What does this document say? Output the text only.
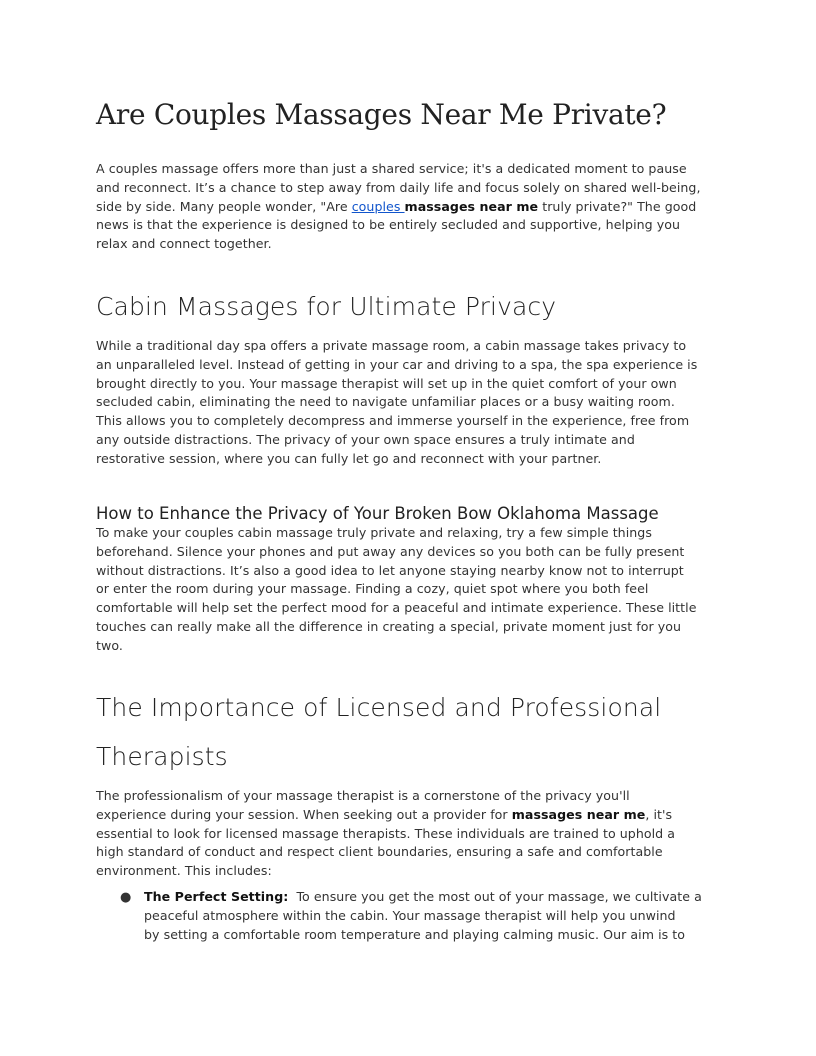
Are Couples Massages Near Me Private?
A couples massage offers more than just a shared service; it's a dedicated moment to pause
and reconnect. It’s a chance to step away from daily life and focus solely on shared well-being,
side by side. Many people wonder, "Are couples massages near me truly private?" The good
news is that the experience is designed to be entirely secluded and supportive, helping you
relax and connect together.
Cabin Massages for Ultimate Privacy
While a traditional day spa offers a private massage room, a cabin massage takes privacy to
an unparalleled level. Instead of getting in your car and driving to a spa, the spa experience is
brought directly to you. Your massage therapist will set up in the quiet comfort of your own
secluded cabin, eliminating the need to navigate unfamiliar places or a busy waiting room.
This allows you to completely decompress and immerse yourself in the experience, free from
any outside distractions. The privacy of your own space ensures a truly intimate and
restorative session, where you can fully let go and reconnect with your partner.
How to Enhance the Privacy of Your Broken Bow Oklahoma Massage
To make your couples cabin massage truly private and relaxing, try a few simple things
beforehand. Silence your phones and put away any devices so you both can be fully present
without distractions. It’s also a good idea to let anyone staying nearby know not to interrupt
or enter the room during your massage. Finding a cozy, quiet spot where you both feel
comfortable will help set the perfect mood for a peaceful and intimate experience. These little
touches can really make all the difference in creating a special, private moment just for you
two.
The Importance of Licensed and Professional
Therapists
The professionalism of your massage therapist is a cornerstone of the privacy you'll
experience during your session. When seeking out a provider for massages near me, it's
essential to look for licensed massage therapists. These individuals are trained to uphold a
high standard of conduct and respect client boundaries, ensuring a safe and comfortable
environment. This includes:
● The Perfect Setting:  To ensure you get the most out of your massage, we cultivate a
peaceful atmosphere within the cabin. Your massage therapist will help you unwind
by setting a comfortable room temperature and playing calming music. Our aim is to
